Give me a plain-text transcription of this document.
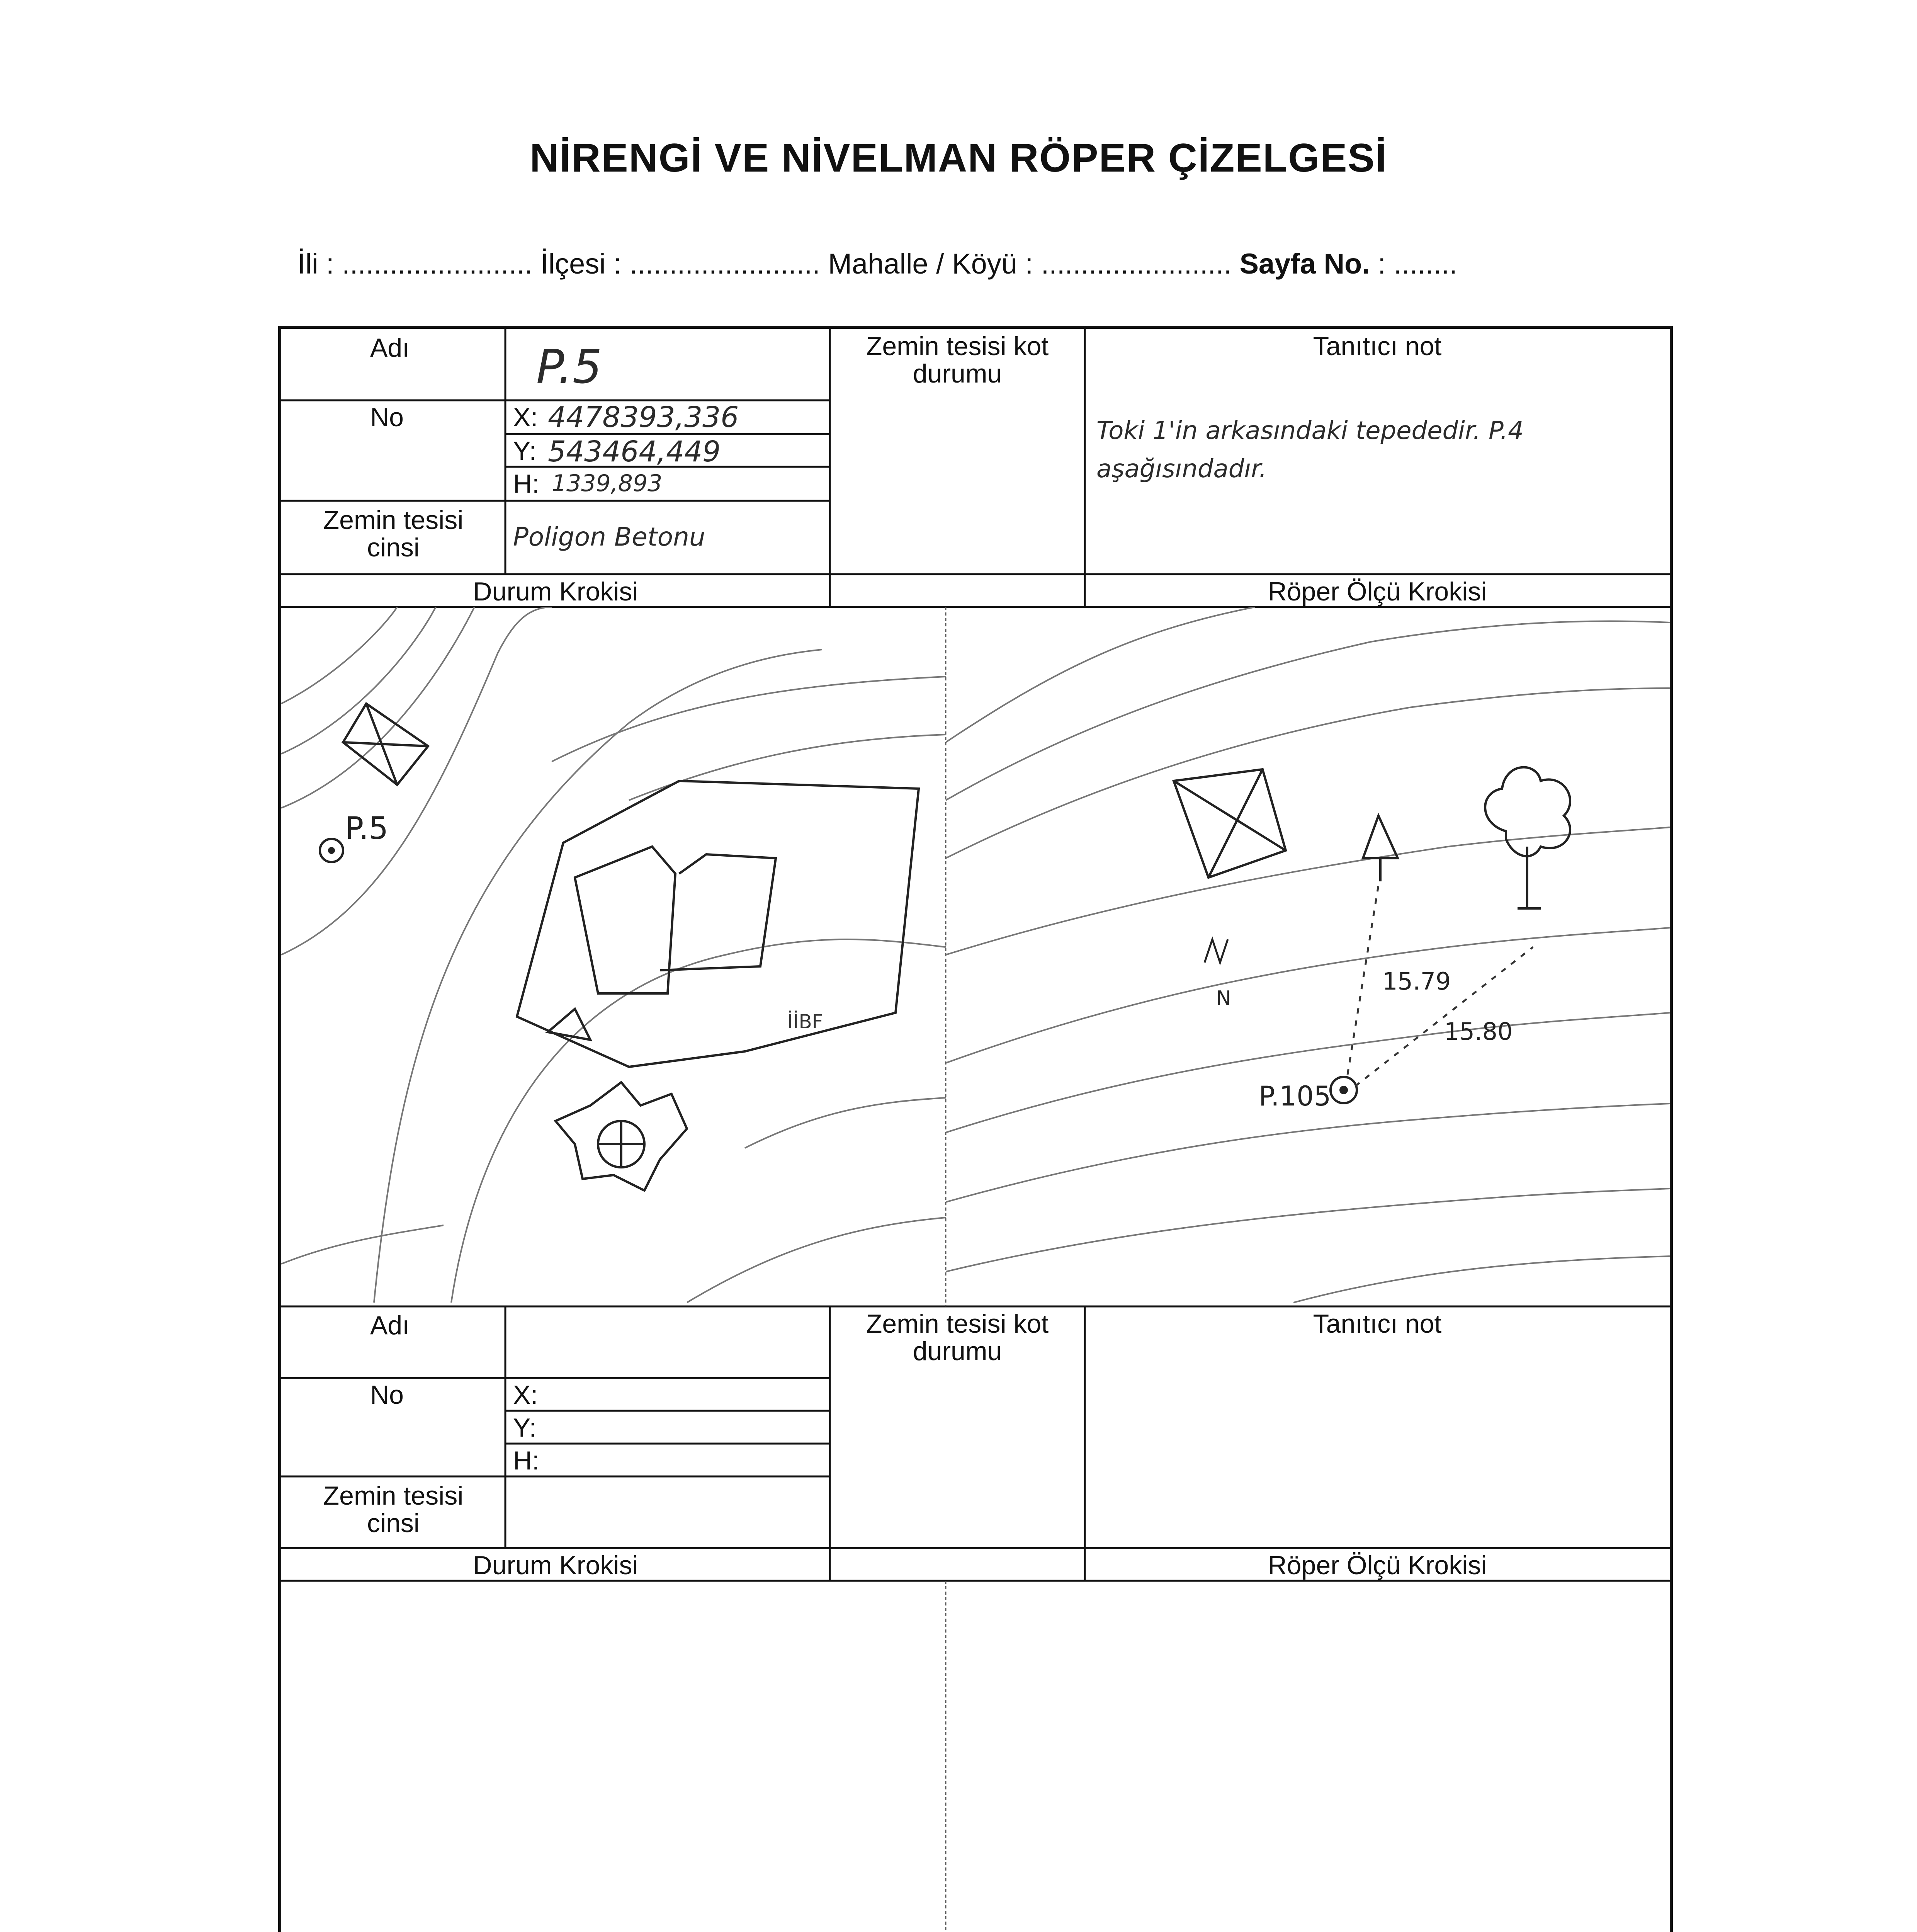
NİRENGİ VE NİVELMAN RÖPER ÇİZELGESİ
İli : ........................ İlçesi : ........................ Mahalle / Köyü : ........................ Sayfa No. : ........
Adı	P.5
No	X: 4478393,336
Y: 543464,449
H: 1339,893
Zemin tesisi cinsi	Poligon Betonu
Zemin tesisi kot durumu
Tanıtıcı not
Toki 1'in arkasındaki tepededir. P.4 aşağısındadır.
Durum Krokisi	Röper Ölçü Krokisi
P.5
İİBF
N
15.79
15.80
P.105
Adı
No	X:
Y:
H:
Zemin tesisi cinsi
Zemin tesisi kot durumu
Tanıtıcı not
Durum Krokisi	Röper Ölçü Krokisi
